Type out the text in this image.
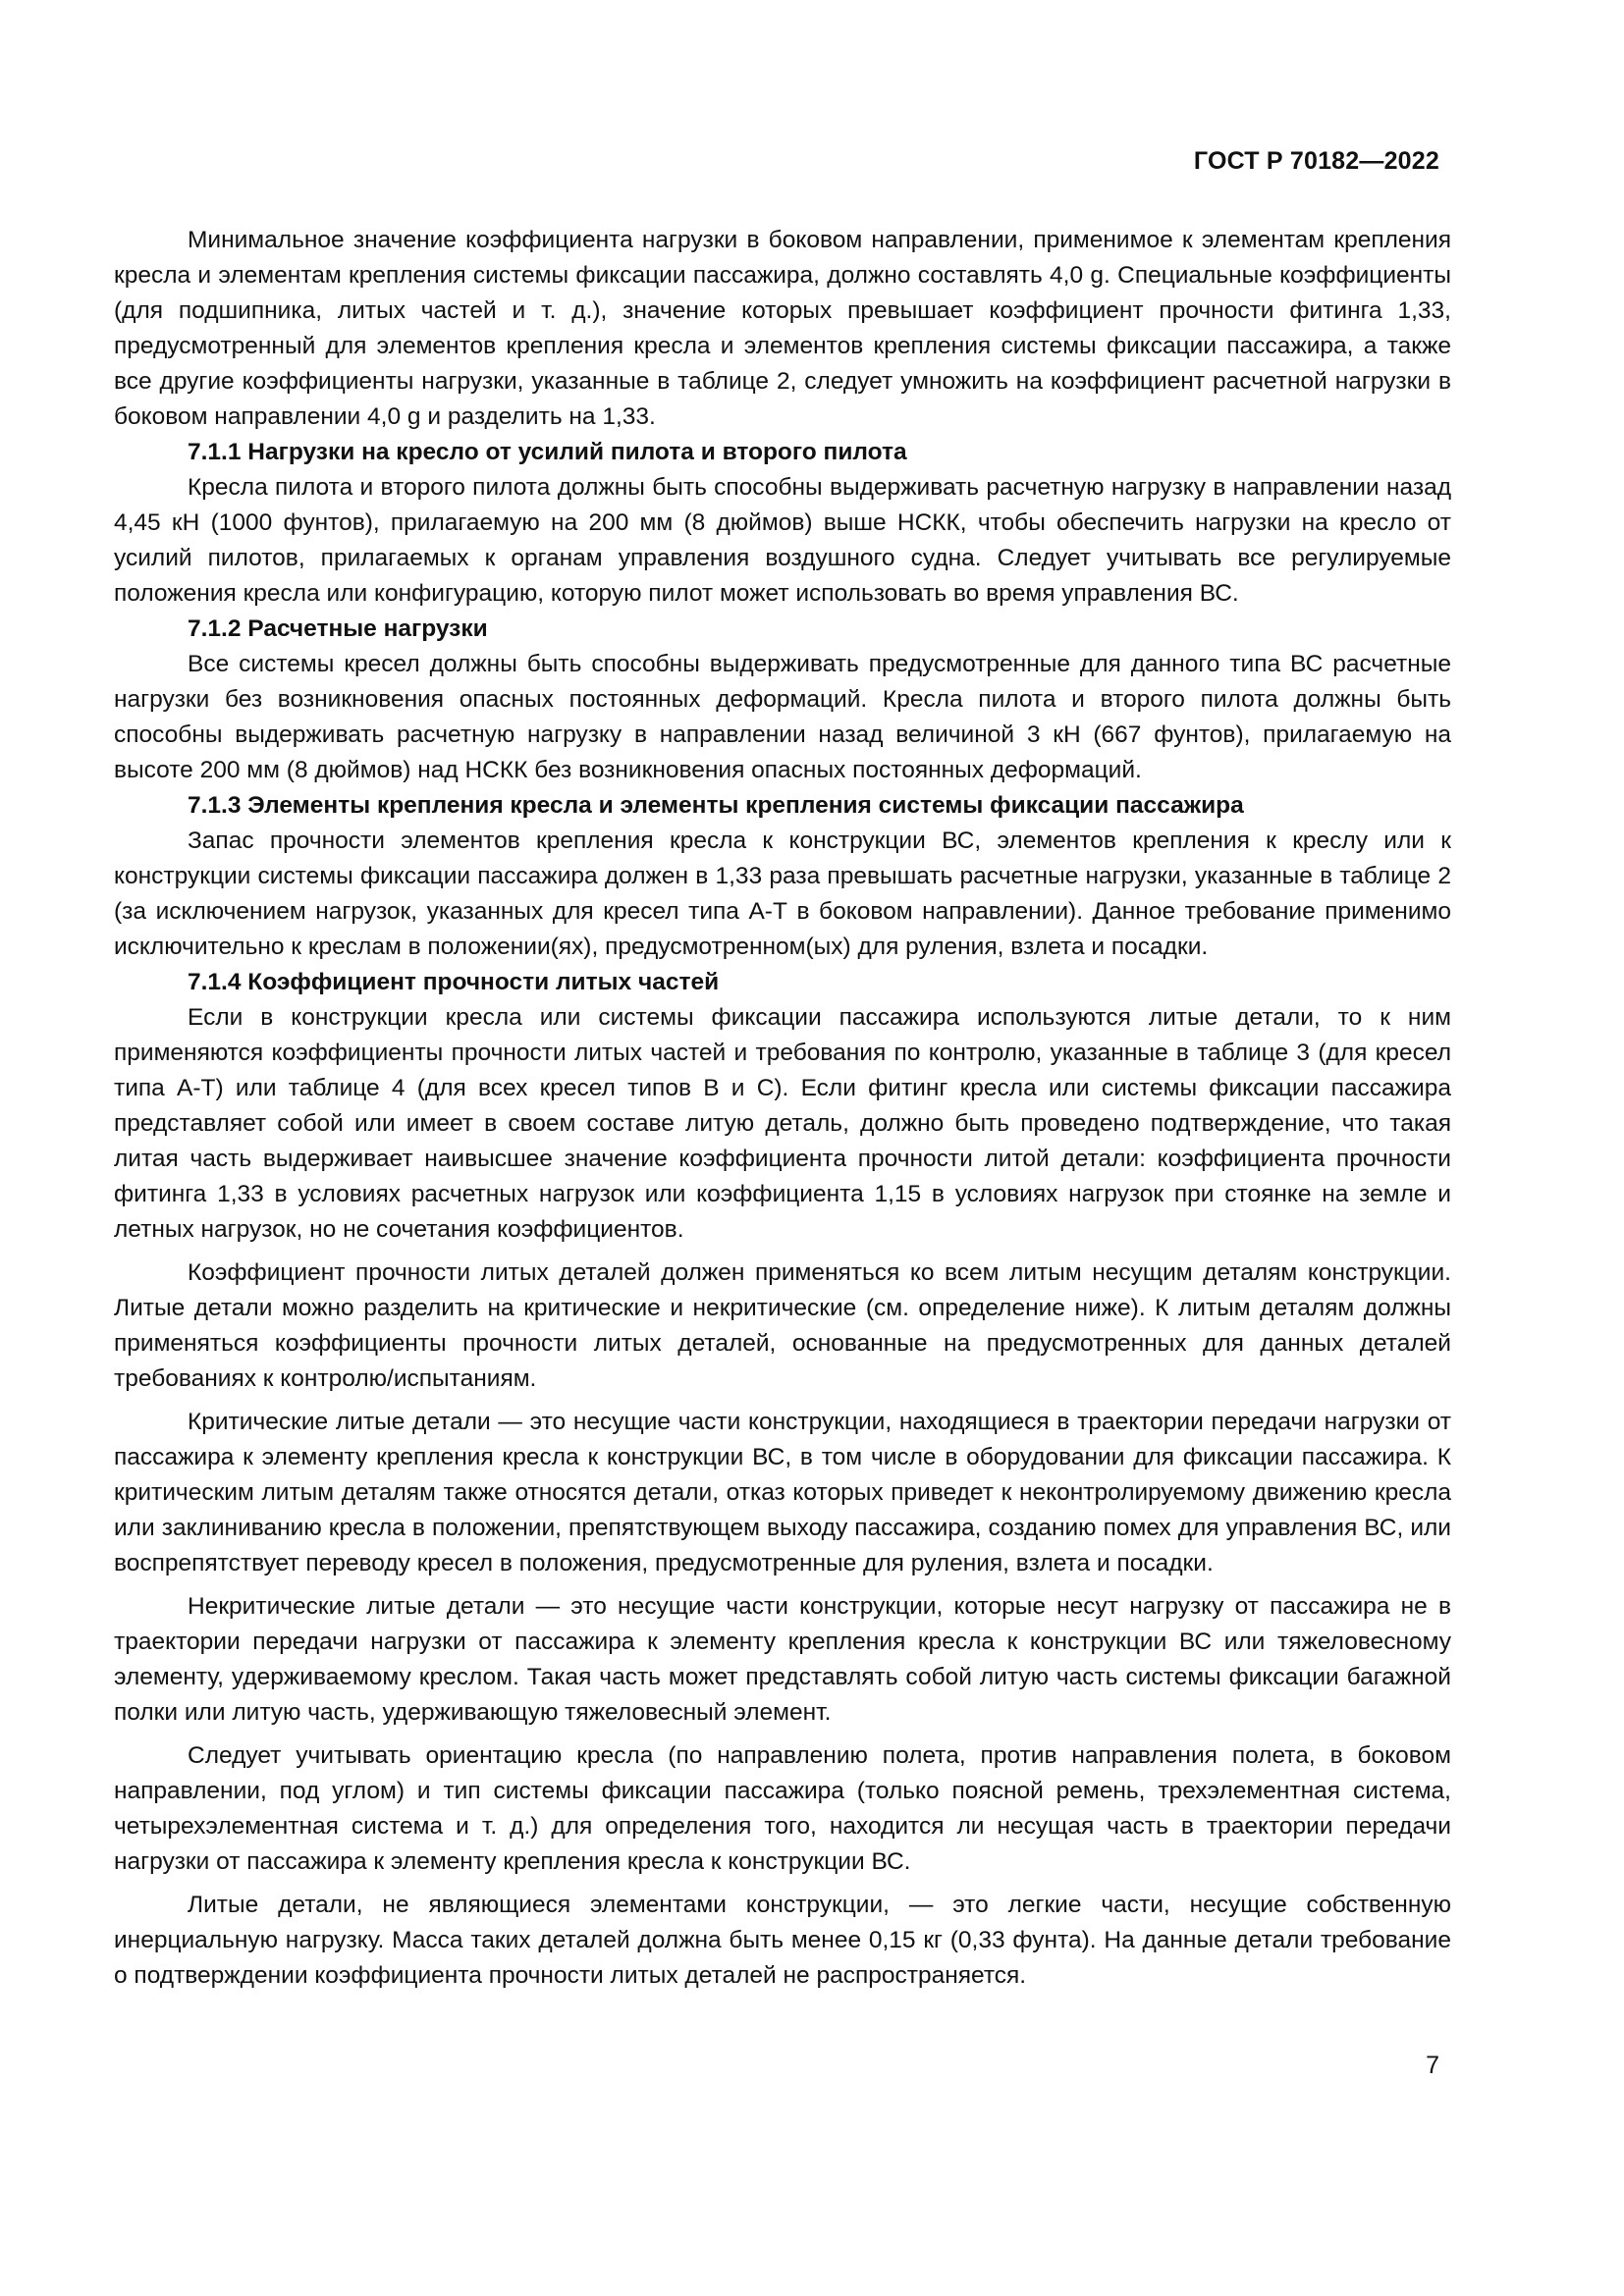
ГОСТ Р 70182—2022

Минимальное значение коэффициента нагрузки в боковом направлении, применимое к элементам крепления кресла и элементам крепления системы фиксации пассажира, должно составлять 4,0 g. Специальные коэффициенты (для подшипника, литых частей и т. д.), значение которых превышает коэффициент прочности фитинга 1,33, предусмотренный для элементов крепления кресла и элементов крепления системы фиксации пассажира, а также все другие коэффициенты нагрузки, указанные в таблице 2, следует умножить на коэффициент расчетной нагрузки в боковом направлении 4,0 g и разделить на 1,33.

7.1.1 Нагрузки на кресло от усилий пилота и второго пилота

Кресла пилота и второго пилота должны быть способны выдерживать расчетную нагрузку в направлении назад 4,45 кН (1000 фунтов), прилагаемую на 200 мм (8 дюймов) выше НСКК, чтобы обеспечить нагрузки на кресло от усилий пилотов, прилагаемых к органам управления воздушного судна. Следует учитывать все регулируемые положения кресла или конфигурацию, которую пилот может использовать во время управления ВС.

7.1.2 Расчетные нагрузки

Все системы кресел должны быть способны выдерживать предусмотренные для данного типа ВС расчетные нагрузки без возникновения опасных постоянных деформаций. Кресла пилота и второго пилота должны быть способны выдерживать расчетную нагрузку в направлении назад величиной 3 кН (667 фунтов), прилагаемую на высоте 200 мм (8 дюймов) над НСКК без возникновения опасных постоянных деформаций.

7.1.3 Элементы крепления кресла и элементы крепления системы фиксации пассажира

Запас прочности элементов крепления кресла к конструкции ВС, элементов крепления к креслу или к конструкции системы фиксации пассажира должен в 1,33 раза превышать расчетные нагрузки, указанные в таблице 2 (за исключением нагрузок, указанных для кресел типа А-Т в боковом направлении). Данное требование применимо исключительно к креслам в положении(ях), предусмотренном(ых) для руления, взлета и посадки.

7.1.4 Коэффициент прочности литых частей

Если в конструкции кресла или системы фиксации пассажира используются литые детали, то к ним применяются коэффициенты прочности литых частей и требования по контролю, указанные в таблице 3 (для кресел типа А-Т) или таблице 4 (для всех кресел типов В и С). Если фитинг кресла или системы фиксации пассажира представляет собой или имеет в своем составе литую деталь, должно быть проведено подтверждение, что такая литая часть выдерживает наивысшее значение коэффициента прочности литой детали: коэффициента прочности фитинга 1,33 в условиях расчетных нагрузок или коэффициента 1,15 в условиях нагрузок при стоянке на земле и летных нагрузок, но не сочетания коэффициентов.

Коэффициент прочности литых деталей должен применяться ко всем литым несущим деталям конструкции. Литые детали можно разделить на критические и некритические (см. определение ниже). К литым деталям должны применяться коэффициенты прочности литых деталей, основанные на предусмотренных для данных деталей требованиях к контролю/испытаниям.

Критические литые детали — это несущие части конструкции, находящиеся в траектории передачи нагрузки от пассажира к элементу крепления кресла к конструкции ВС, в том числе в оборудовании для фиксации пассажира. К критическим литым деталям также относятся детали, отказ которых приведет к неконтролируемому движению кресла или заклиниванию кресла в положении, препятствующем выходу пассажира, созданию помех для управления ВС, или воспрепятствует переводу кресел в положения, предусмотренные для руления, взлета и посадки.

Некритические литые детали — это несущие части конструкции, которые несут нагрузку от пассажира не в траектории передачи нагрузки от пассажира к элементу крепления кресла к конструкции ВС или тяжеловесному элементу, удерживаемому креслом. Такая часть может представлять собой литую часть системы фиксации багажной полки или литую часть, удерживающую тяжеловесный элемент.

Следует учитывать ориентацию кресла (по направлению полета, против направления полета, в боковом направлении, под углом) и тип системы фиксации пассажира (только поясной ремень, трехэлементная система, четырехэлементная система и т. д.) для определения того, находится ли несущая часть в траектории передачи нагрузки от пассажира к элементу крепления кресла к конструкции ВС.

Литые детали, не являющиеся элементами конструкции, — это легкие части, несущие собственную инерциальную нагрузку. Масса таких деталей должна быть менее 0,15 кг (0,33 фунта). На данные детали требование о подтверждении коэффициента прочности литых деталей не распространяется.

7
